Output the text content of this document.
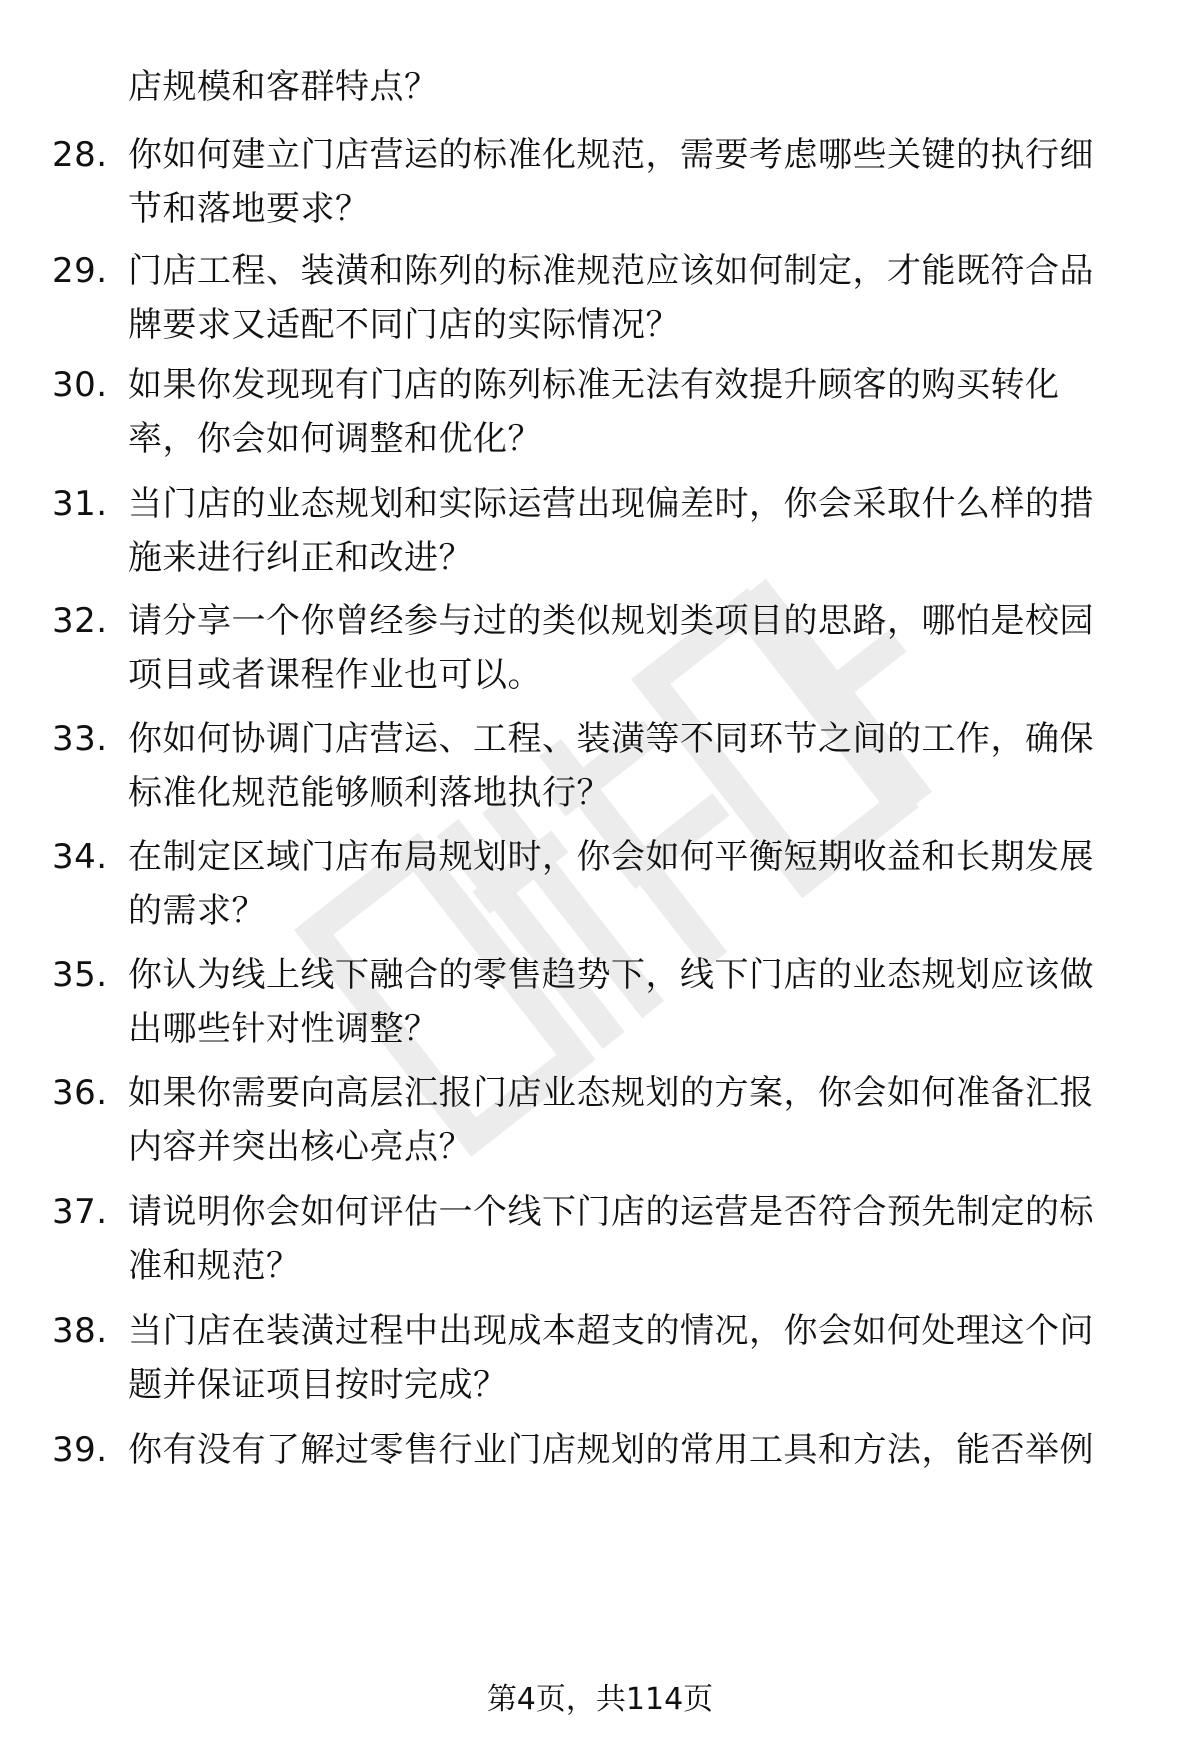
店规模和客群特点？
28. 你如何建立门店营运的标准化规范，需要考虑哪些关键的执行细
节和落地要求？
29. 门店工程、装潢和陈列的标准规范应该如何制定，才能既符合品
牌要求又适配不同门店的实际情况？
30. 如果你发现现有门店的陈列标准无法有效提升顾客的购买转化
率，你会如何调整和优化？
31. 当门店的业态规划和实际运营出现偏差时，你会采取什么样的措
施来进行纠正和改进？
32. 请分享一个你曾经参与过的类似规划类项目的思路，哪怕是校园
项目或者课程作业也可以。
33. 你如何协调门店营运、工程、装潢等不同环节之间的工作，确保
标准化规范能够顺利落地执行？
34. 在制定区域门店布局规划时，你会如何平衡短期收益和长期发展
的需求？
35. 你认为线上线下融合的零售趋势下，线下门店的业态规划应该做
出哪些针对性调整？
36. 如果你需要向高层汇报门店业态规划的方案，你会如何准备汇报
内容并突出核心亮点？
37. 请说明你会如何评估一个线下门店的运营是否符合预先制定的标
准和规范？
38. 当门店在装潢过程中出现成本超支的情况，你会如何处理这个问
题并保证项目按时完成？
39. 你有没有了解过零售行业门店规划的常用工具和方法，能否举例
第4页，共114页
